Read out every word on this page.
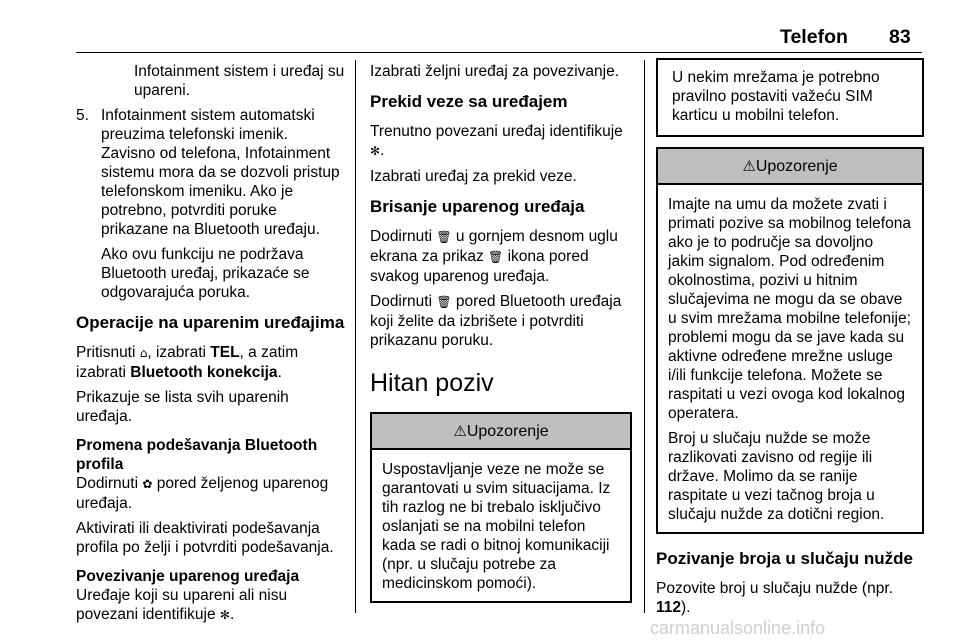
Telefon 83

Infotainment sistem i uređaj su upareni.

5. Infotainment sistem automatski preuzima telefonski imenik. Zavisno od telefona, Infotainment sistemu mora da se dozvoli pristup telefonskom imeniku. Ako je potrebno, potvrditi poruke prikazane na Bluetooth uređaju.

Ako ovu funkciju ne podržava Bluetooth uređaj, prikazaće se odgovarajuća poruka.

Operacije na uparenim uređajima

Pritisnuti ⌂, izabrati TEL, a zatim izabrati Bluetooth konekcija.

Prikazuje se lista svih uparenih uređaja.

Promena podešavanja Bluetooth profila

Dodirnuti ✿ pored željenog uparenog uređaja.

Aktivirati ili deaktivirati podešavanja profila po želji i potvrditi podešavanja.

Povezivanje uparenog uređaja

Uređaje koji su upareni ali nisu povezani identifikuje ✻.

Izabrati željni uređaj za povezivanje.

Prekid veze sa uređajem

Trenutno povezani uređaj identifikuje ✻.

Izabrati uređaj za prekid veze.

Brisanje uparenog uređaja

Dodirnuti 🗑 u gornjem desnom uglu ekrana za prikaz 🗑 ikona pored svakog uparenog uređaja.

Dodirnuti 🗑 pored Bluetooth uređaja koji želite da izbrišete i potvrditi prikazanu poruku.

Hitan poziv
⚠Upozorenje

Uspostavljanje veze ne može se garantovati u svim situacijama. Iz tih razlog ne bi trebalo isključivo oslanjati se na mobilni telefon kada se radi o bitnoj komunikaciji (npr. u slučaju potrebe za medicinskom pomoći).

U nekim mrežama je potrebno pravilno postaviti važeću SIM karticu u mobilni telefon.

⚠Upozorenje

Imajte na umu da možete zvati i primati pozive sa mobilnog telefona ako je to područje sa dovoljno jakim signalom. Pod određenim okolnostima, pozivi u hitnim slučajevima ne mogu da se obave u svim mrežama mobilne telefonije; problemi mogu da se jave kada su aktivne određene mrežne usluge i/ili funkcije telefona. Možete se raspitati u vezi ovoga kod lokalnog operatera.

Broj u slučaju nužde se može razlikovati zavisno od regije ili države. Molimo da se ranije raspitate u vezi tačnog broja u slučaju nužde za dotični region.

Pozivanje broja u slučaju nužde

Pozovite broj u slučaju nužde (npr. 112).

carmanualsonline.info
